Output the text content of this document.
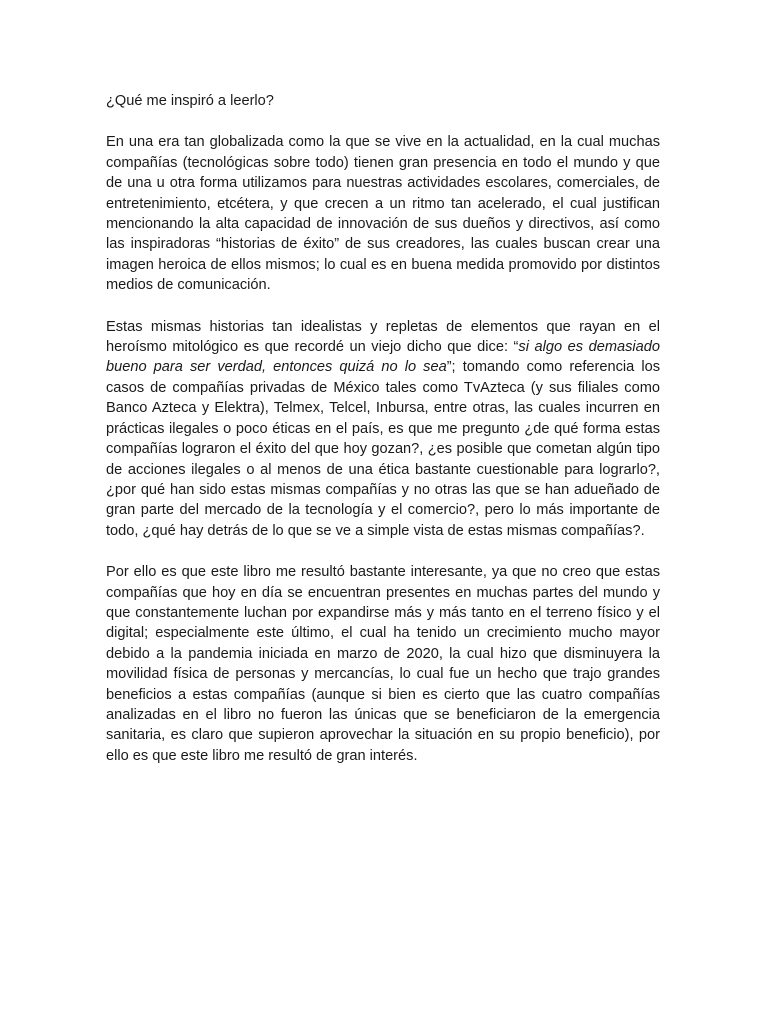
¿Qué me inspiró a leerlo?

En una era tan globalizada como la que se vive en la actualidad, en la cual muchas compañías (tecnológicas sobre todo) tienen gran presencia en todo el mundo y que de una u otra forma utilizamos para nuestras actividades escolares, comerciales, de entretenimiento, etcétera, y que crecen a un ritmo tan acelerado, el cual justifican mencionando la alta capacidad de innovación de sus dueños y directivos, así como las inspiradoras “historias de éxito” de sus creadores, las cuales buscan crear una imagen heroica de ellos mismos; lo cual es en buena medida promovido por distintos medios de comunicación.

Estas mismas historias tan idealistas y repletas de elementos que rayan en el heroísmo mitológico es que recordé un viejo dicho que dice: “si algo es demasiado bueno para ser verdad, entonces quizá no lo sea”; tomando como referencia los casos de compañías privadas de México tales como TvAzteca (y sus filiales como Banco Azteca y Elektra), Telmex, Telcel, Inbursa, entre otras, las cuales incurren en prácticas ilegales o poco éticas en el país, es que me pregunto ¿de qué forma estas compañías lograron el éxito del que hoy gozan?, ¿es posible que cometan algún tipo de acciones ilegales o al menos de una ética bastante cuestionable para lograrlo?, ¿por qué han sido estas mismas compañías y no otras las que se han adueñado de gran parte del mercado de la tecnología y el comercio?, pero lo más importante de todo, ¿qué hay detrás de lo que se ve a simple vista de estas mismas compañías?.

Por ello es que este libro me resultó bastante interesante, ya que no creo que estas compañías que hoy en día se encuentran presentes en muchas partes del mundo y que constantemente luchan por expandirse más y más tanto en el terreno físico y el digital; especialmente este último, el cual ha tenido un crecimiento mucho mayor debido a la pandemia iniciada en marzo de 2020, la cual hizo que disminuyera la movilidad física de personas y mercancías, lo cual fue un hecho que trajo grandes beneficios a estas compañías (aunque si bien es cierto que las cuatro compañías analizadas en el libro no fueron las únicas que se beneficiaron de la emergencia sanitaria, es claro que supieron aprovechar la situación en su propio beneficio), por ello es que este libro me resultó de gran interés.
